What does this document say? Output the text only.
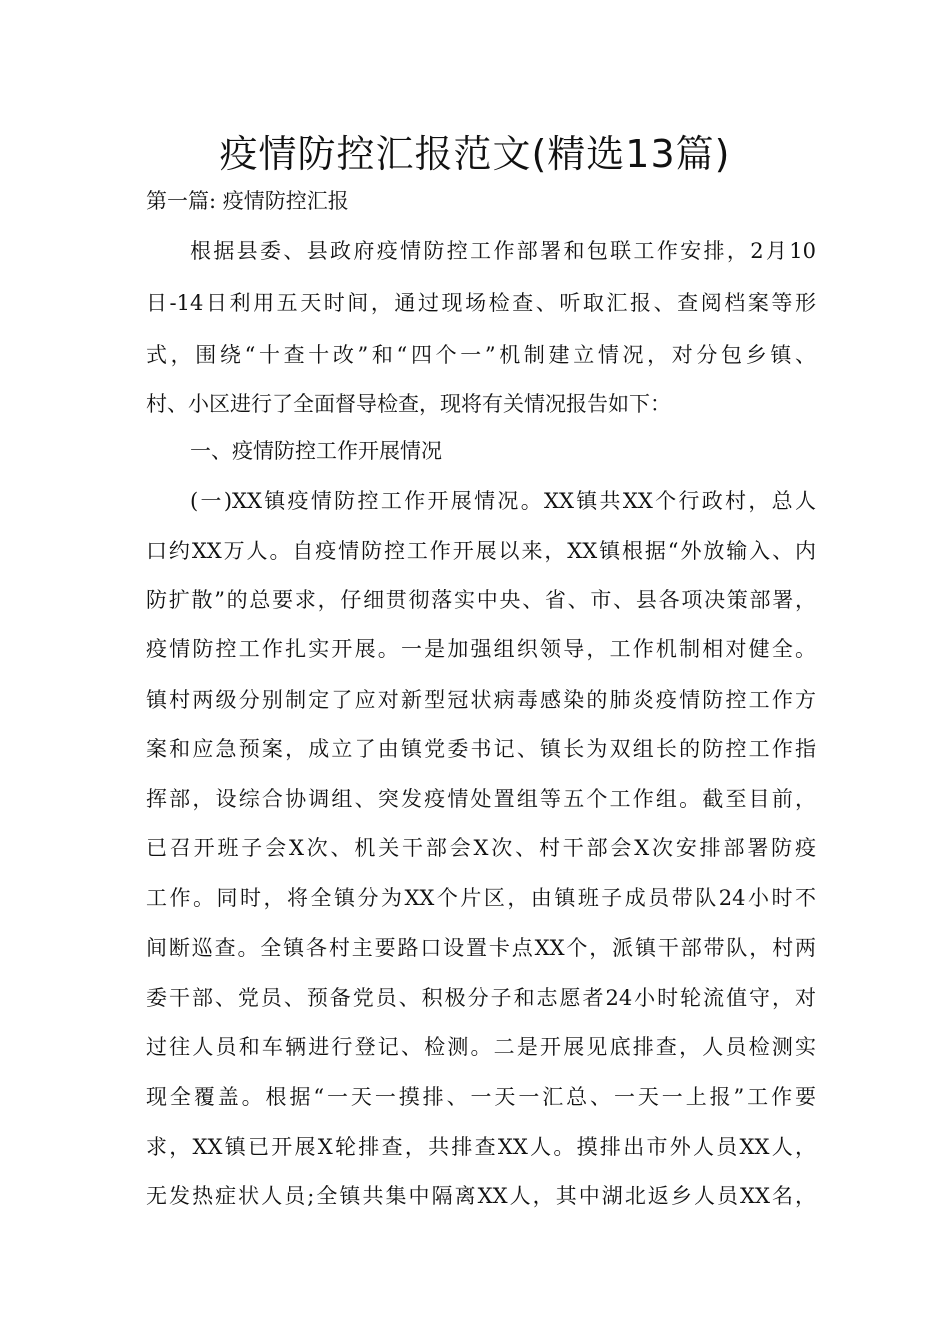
疫情防控汇报范文(精选13篇)
第一篇: 疫情防控汇报
根据县委、县政府疫情防控工作部署和包联工作安排，2月10
日-14日利用五天时间，通过现场检查、听取汇报、查阅档案等形
式，围绕“十查十改”和“四个一”机制建立情况，对分包乡镇、
村、小区进行了全面督导检查，现将有关情况报告如下：
一、疫情防控工作开展情况
(一)XX镇疫情防控工作开展情况。XX镇共XX个行政村，总人
口约XX万人。自疫情防控工作开展以来，XX镇根据“外放输入、内
防扩散”的总要求，仔细贯彻落实中央、省、市、县各项决策部署，
疫情防控工作扎实开展。一是加强组织领导，工作机制相对健全。
镇村两级分别制定了应对新型冠状病毒感染的肺炎疫情防控工作方
案和应急预案，成立了由镇党委书记、镇长为双组长的防控工作指
挥部，设综合协调组、突发疫情处置组等五个工作组。截至目前，
已召开班子会X次、机关干部会X次、村干部会X次安排部署防疫
工作。同时，将全镇分为XX个片区，由镇班子成员带队24小时不
间断巡查。全镇各村主要路口设置卡点XX个，派镇干部带队，村两
委干部、党员、预备党员、积极分子和志愿者24小时轮流值守，对
过往人员和车辆进行登记、检测。二是开展见底排查，人员检测实
现全覆盖。根据“一天一摸排、一天一汇总、一天一上报”工作要
求，XX镇已开展X轮排查，共排查XX人。摸排出市外人员XX人，
无发热症状人员;全镇共集中隔离XX人，其中湖北返乡人员XX名，
